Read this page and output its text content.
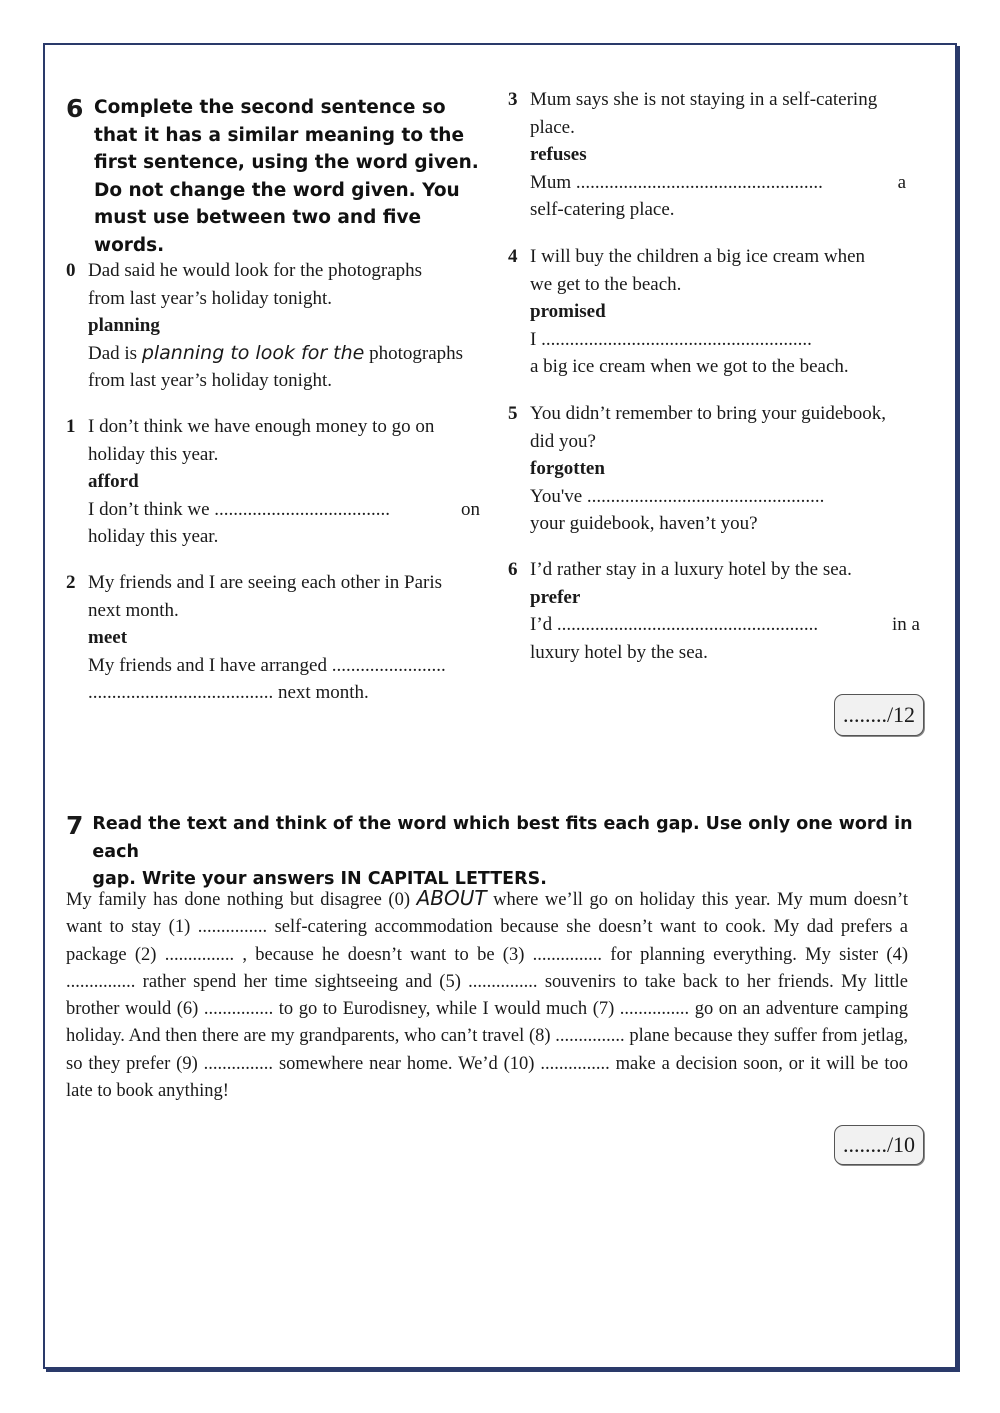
6 Complete the second sentence so that it has a similar meaning to the first sentence, using the word given. Do not change the word given. You must use between two and five words.
0 Dad said he would look for the photographs
from last year’s holiday tonight.
planning
Dad is planning to look for the photographs
from last year’s holiday tonight.
1 I don’t think we have enough money to go on
holiday this year.
afford
I don’t think we .....................................	on
holiday this year.
2 My friends and I are seeing each other in Paris
next month.
meet
My friends and I have arranged ........................
....................................... next month.
3 Mum says she is not staying in a self-catering
place.
refuses
Mum ....................................................	a
self-catering place.
4 I will buy the children a big ice cream when
we get to the beach.
promised
I .........................................................
a big ice cream when we got to the beach.
5 You didn’t remember to bring your guidebook,
did you?
forgotten
You've ..................................................
your guidebook, haven’t you?
6 I’d rather stay in a luxury hotel by the sea.
prefer
I’d .......................................................	in a
luxury hotel by the sea.
......../12
7 Read the text and think of the word which best fits each gap. Use only one word in each
gap. Write your answers IN CAPITAL LETTERS.
My family has done nothing but disagree (0) ABOUT where we’ll go on holiday this year. My mum doesn’t want to stay (1) ............... self-catering accommodation because she doesn’t want to cook. My dad prefers a package (2) ............... , because he doesn’t want to be (3) ............... for planning everything. My sister (4) ............... rather spend her time sightseeing and (5) ............... souvenirs to take back to her friends. My little brother would (6) ............... to go to Eurodisney, while I would much (7) ............... go on an adventure camping holiday. And then there are my grandparents, who can’t travel (8) ............... plane because they suffer from jetlag, so they prefer (9) ............... somewhere near home. We’d (10) ............... make a decision soon, or it will be too late to book anything!
......../10
